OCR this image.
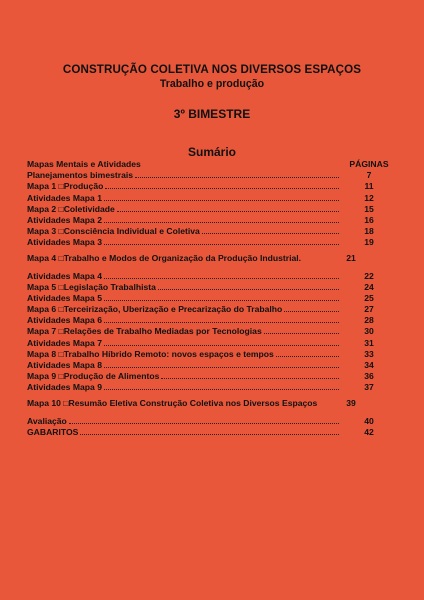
CONSTRUÇÃO COLETIVA NOS DIVERSOS ESPAÇOS
Trabalho e produção
3º BIMESTRE
Sumário
Mapas Mentais e Atividades	PÁGINAS
Planejamentos bimestrais	7
Mapa 1 □Produção	11
Atividades Mapa 1	12
Mapa 2 □Coletividade	15
Atividades Mapa 2	16
Mapa 3 □Consciência Individual e Coletiva	18
Atividades Mapa 3	19
Mapa 4 □Trabalho e Modos de Organização da Produção Industrial.	21
Atividades Mapa 4	22
Mapa 5 □Legislação Trabalhista	24
Atividades Mapa 5	25
Mapa 6 □Terceirização, Uberização e Precarização do Trabalho	27
Atividades Mapa 6	28
Mapa 7 □Relações de Trabalho Mediadas por Tecnologias	30
Atividades Mapa 7	31
Mapa 8 □Trabalho Híbrido Remoto: novos espaços e tempos	33
Atividades Mapa 8	34
Mapa 9 □Produção de Alimentos	36
Atividades Mapa 9	37
Mapa 10 □Resumão Eletiva Construção Coletiva nos Diversos Espaços	39
Avaliação	40
GABARITOS	42
